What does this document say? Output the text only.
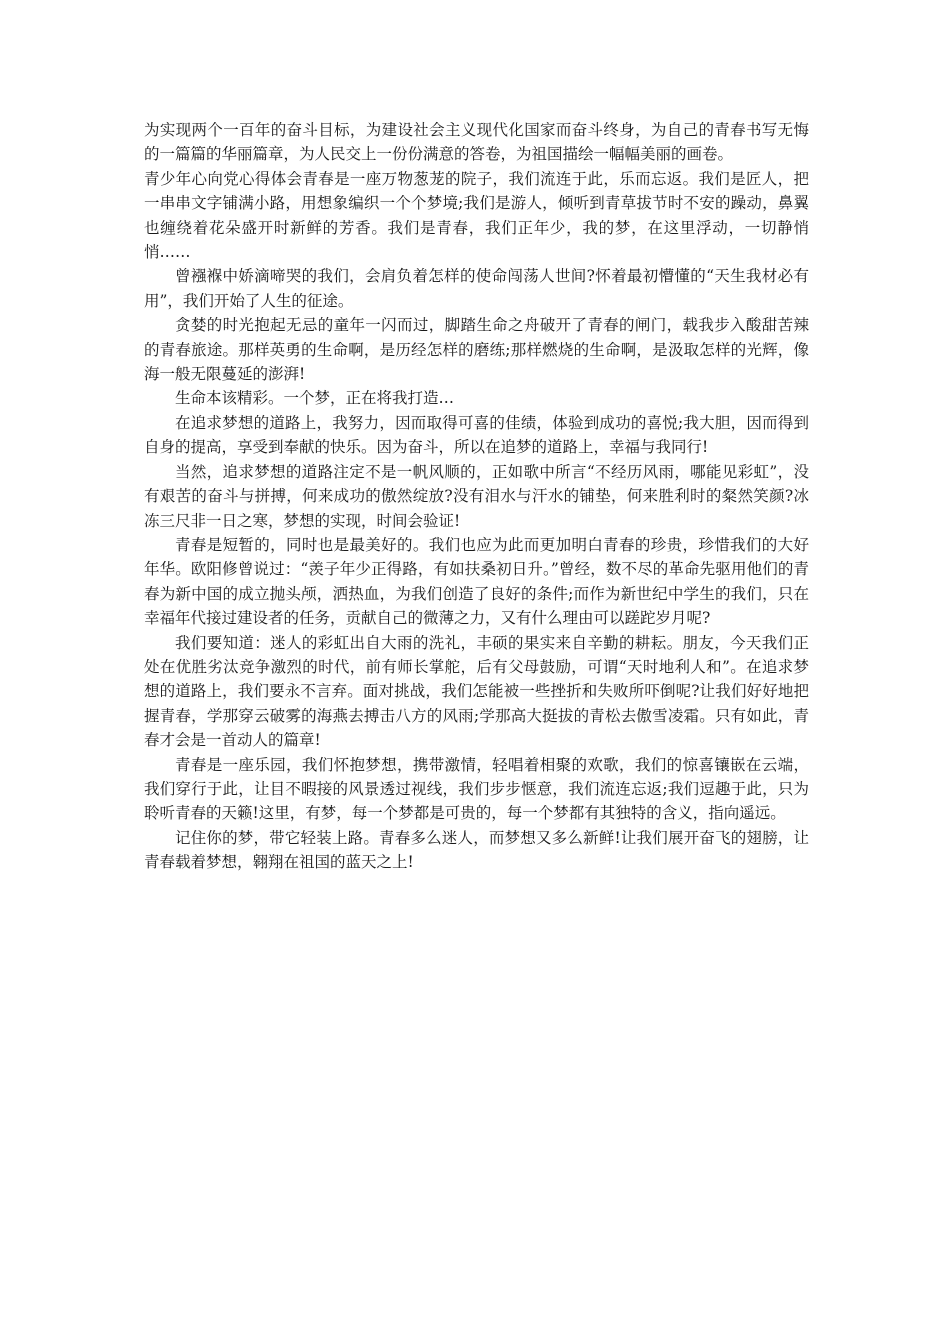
为实现两个一百年的奋斗目标，为建设社会主义现代化国家而奋斗终身，为自己的青春书写无悔的一篇篇的华丽篇章，为人民交上一份份满意的答卷，为祖国描绘一幅幅美丽的画卷。

青少年心向党心得体会青春是一座万物葱茏的院子，我们流连于此，乐而忘返。我们是匠人，把一串串文字铺满小路，用想象编织一个个梦境;我们是游人，倾听到青草拔节时不安的躁动，鼻翼也缠绕着花朵盛开时新鲜的芳香。我们是青春，我们正年少，我的梦，在这里浮动，一切静悄悄……

曾襁褓中娇滴啼哭的我们，会肩负着怎样的使命闯荡人世间?怀着最初懵懂的“天生我材必有用”，我们开始了人生的征途。

贪婪的时光抱起无忌的童年一闪而过，脚踏生命之舟破开了青春的闸门，载我步入酸甜苦辣的青春旅途。那样英勇的生命啊，是历经怎样的磨练;那样燃烧的生命啊，是汲取怎样的光辉，像海一般无限蔓延的澎湃!

生命本该精彩。一个梦，正在将我打造…

在追求梦想的道路上，我努力，因而取得可喜的佳绩，体验到成功的喜悦;我大胆，因而得到自身的提高，享受到奉献的快乐。因为奋斗，所以在追梦的道路上，幸福与我同行!

当然，追求梦想的道路注定不是一帆风顺的，正如歌中所言“不经历风雨，哪能见彩虹”，没有艰苦的奋斗与拼搏，何来成功的傲然绽放?没有泪水与汗水的铺垫，何来胜利时的粲然笑颜?冰冻三尺非一日之寒，梦想的实现，时间会验证!

青春是短暂的，同时也是最美好的。我们也应为此而更加明白青春的珍贵，珍惜我们的大好年华。欧阳修曾说过：“羡子年少正得路，有如扶桑初日升。”曾经，数不尽的革命先驱用他们的青春为新中国的成立抛头颅，洒热血，为我们创造了良好的条件;而作为新世纪中学生的我们，只在幸福年代接过建设者的任务，贡献自己的微薄之力，又有什么理由可以蹉跎岁月呢?

我们要知道：迷人的彩虹出自大雨的洗礼，丰硕的果实来自辛勤的耕耘。朋友，今天我们正处在优胜劣汰竞争激烈的时代，前有师长掌舵，后有父母鼓励，可谓“天时地利人和”。在追求梦想的道路上，我们要永不言弃。面对挑战，我们怎能被一些挫折和失败所吓倒呢?让我们好好地把握青春，学那穿云破雾的海燕去搏击八方的风雨;学那高大挺拔的青松去傲雪凌霜。只有如此，青春才会是一首动人的篇章!

青春是一座乐园，我们怀抱梦想，携带激情，轻唱着相聚的欢歌，我们的惊喜镶嵌在云端，我们穿行于此，让目不暇接的风景透过视线，我们步步惬意，我们流连忘返;我们逗趣于此，只为聆听青春的天籁!这里，有梦，每一个梦都是可贵的，每一个梦都有其独特的含义，指向遥远。

记住你的梦，带它轻装上路。青春多么迷人，而梦想又多么新鲜!让我们展开奋飞的翅膀，让青春载着梦想，翱翔在祖国的蓝天之上!
